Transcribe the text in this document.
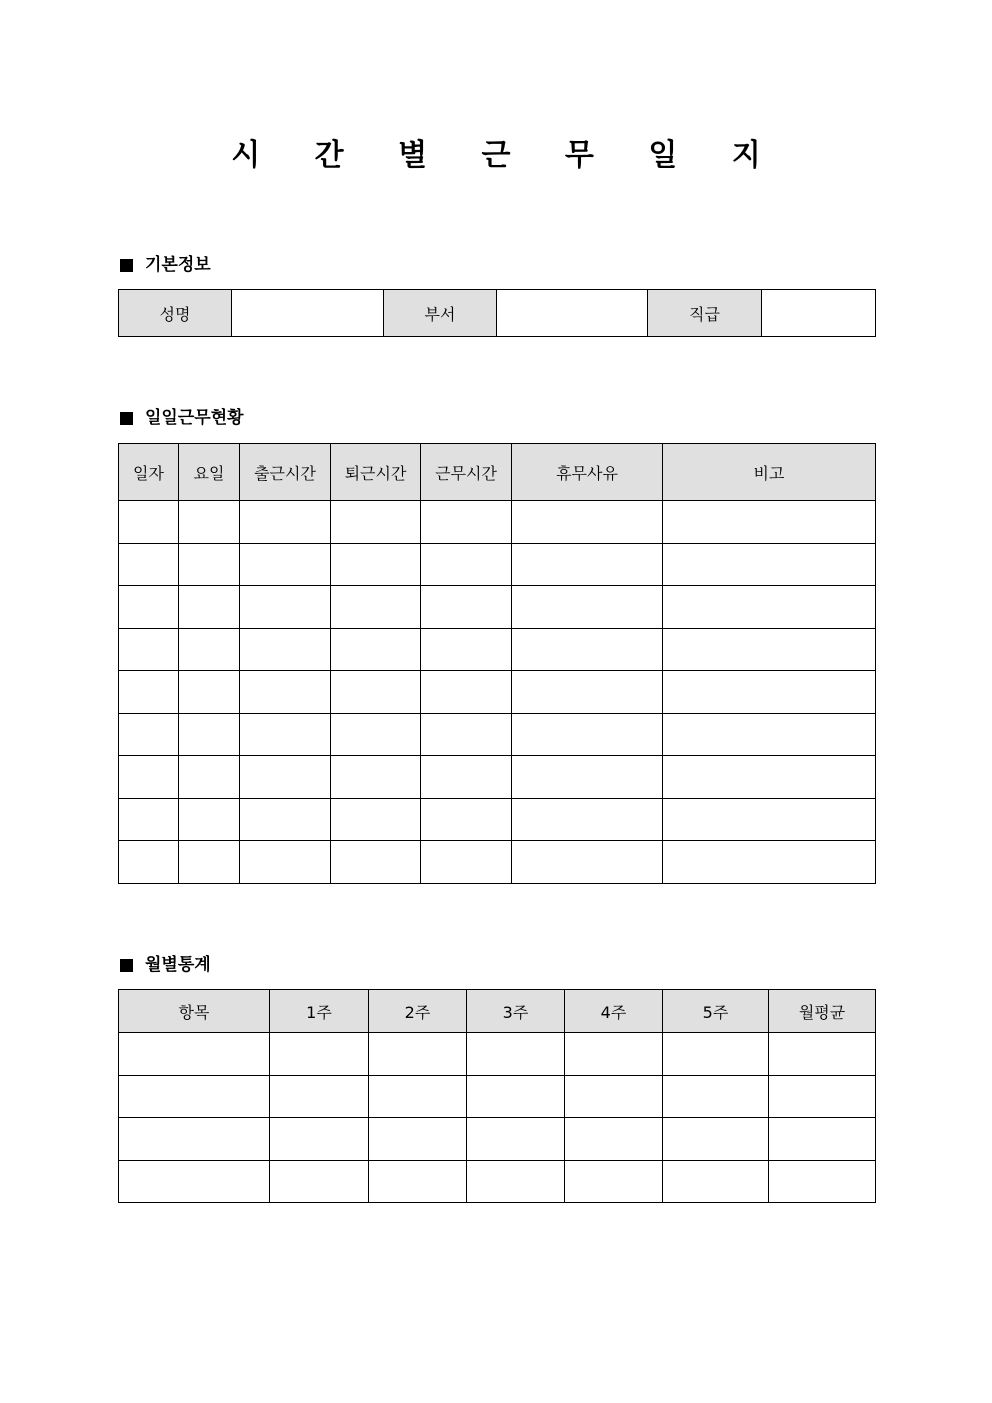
시 간 별 근 무 일 지
기본정보
성명		부서		직급	
일일근무현황
일자	요일	출근시간	퇴근시간	근무시간	휴무사유	비고

월별통계
항목	1주	2주	3주	4주	5주	월평균
